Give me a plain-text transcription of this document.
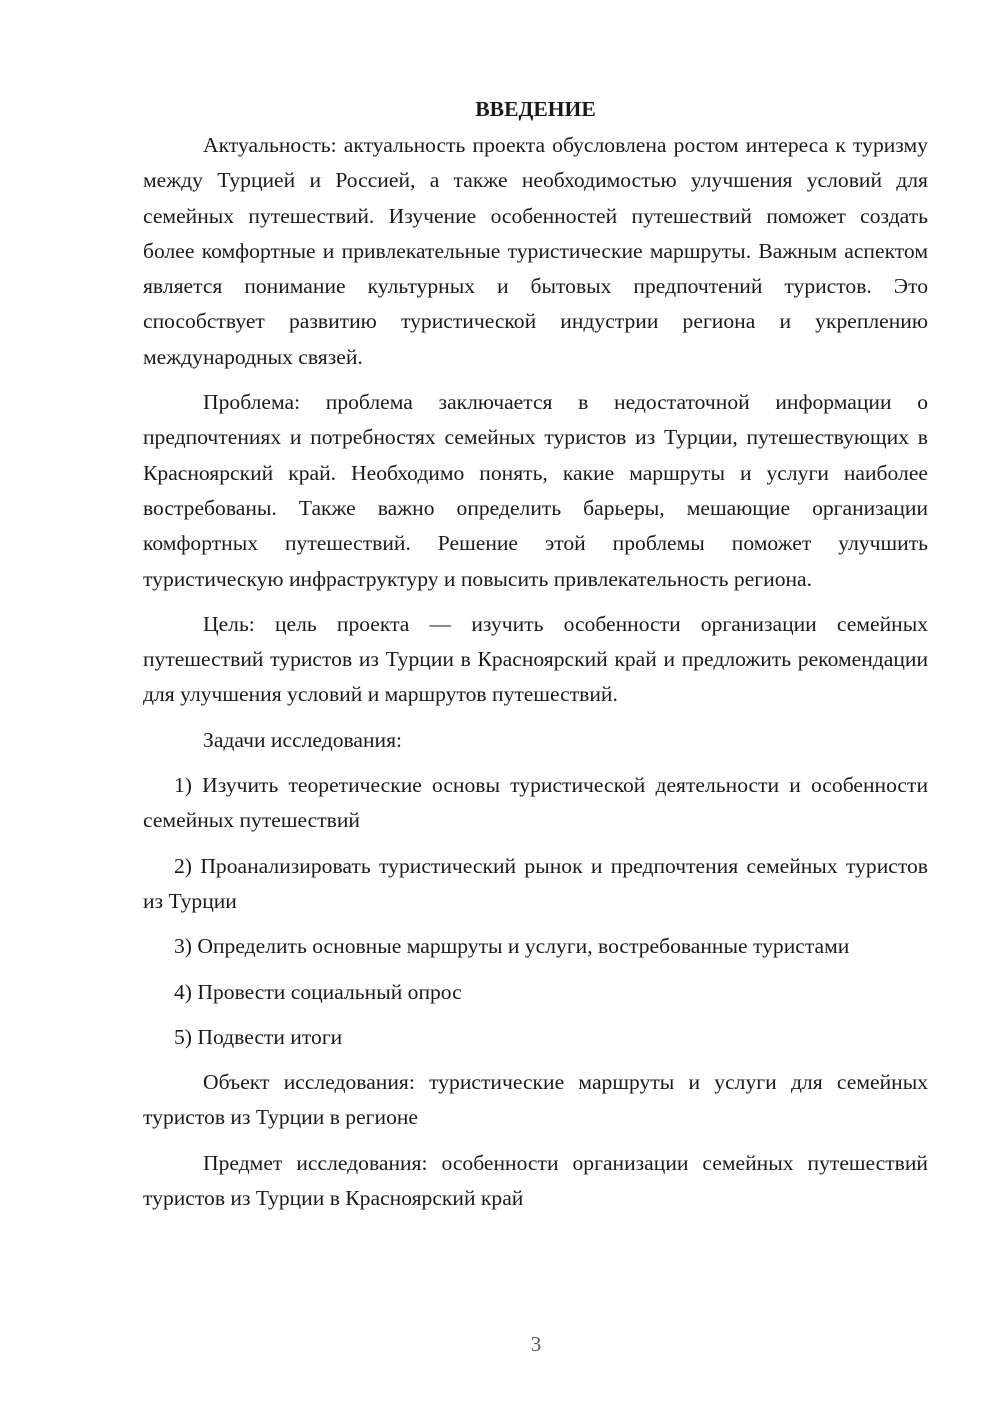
ВВЕДЕНИЕ

Актуальность: актуальность проекта обусловлена ростом интереса к туризму между Турцией и Россией, а также необходимостью улучшения условий для семейных путешествий. Изучение особенностей путешествий поможет создать более комфортные и привлекательные туристические маршруты. Важным аспектом является понимание культурных и бытовых предпочтений туристов. Это способствует развитию туристической индустрии региона и укреплению международных связей.

Проблема: проблема заключается в недостаточной информации о предпочтениях и потребностях семейных туристов из Турции, путешествующих в Красноярский край. Необходимо понять, какие маршруты и услуги наиболее востребованы. Также важно определить барьеры, мешающие организации комфортных путешествий. Решение этой проблемы поможет улучшить туристическую инфраструктуру и повысить привлекательность региона.

Цель: цель проекта — изучить особенности организации семейных путешествий туристов из Турции в Красноярский край и предложить рекомендации для улучшения условий и маршрутов путешествий.

Задачи исследования:

1) Изучить теоретические основы туристической деятельности и особенности семейных путешествий

2) Проанализировать туристический рынок и предпочтения семейных туристов из Турции

3) Определить основные маршруты и услуги, востребованные туристами

4) Провести социальный опрос

5) Подвести итоги

Объект исследования: туристические маршруты и услуги для семейных туристов из Турции в регионе

Предмет исследования: особенности организации семейных путешествий туристов из Турции в Красноярский край

3
